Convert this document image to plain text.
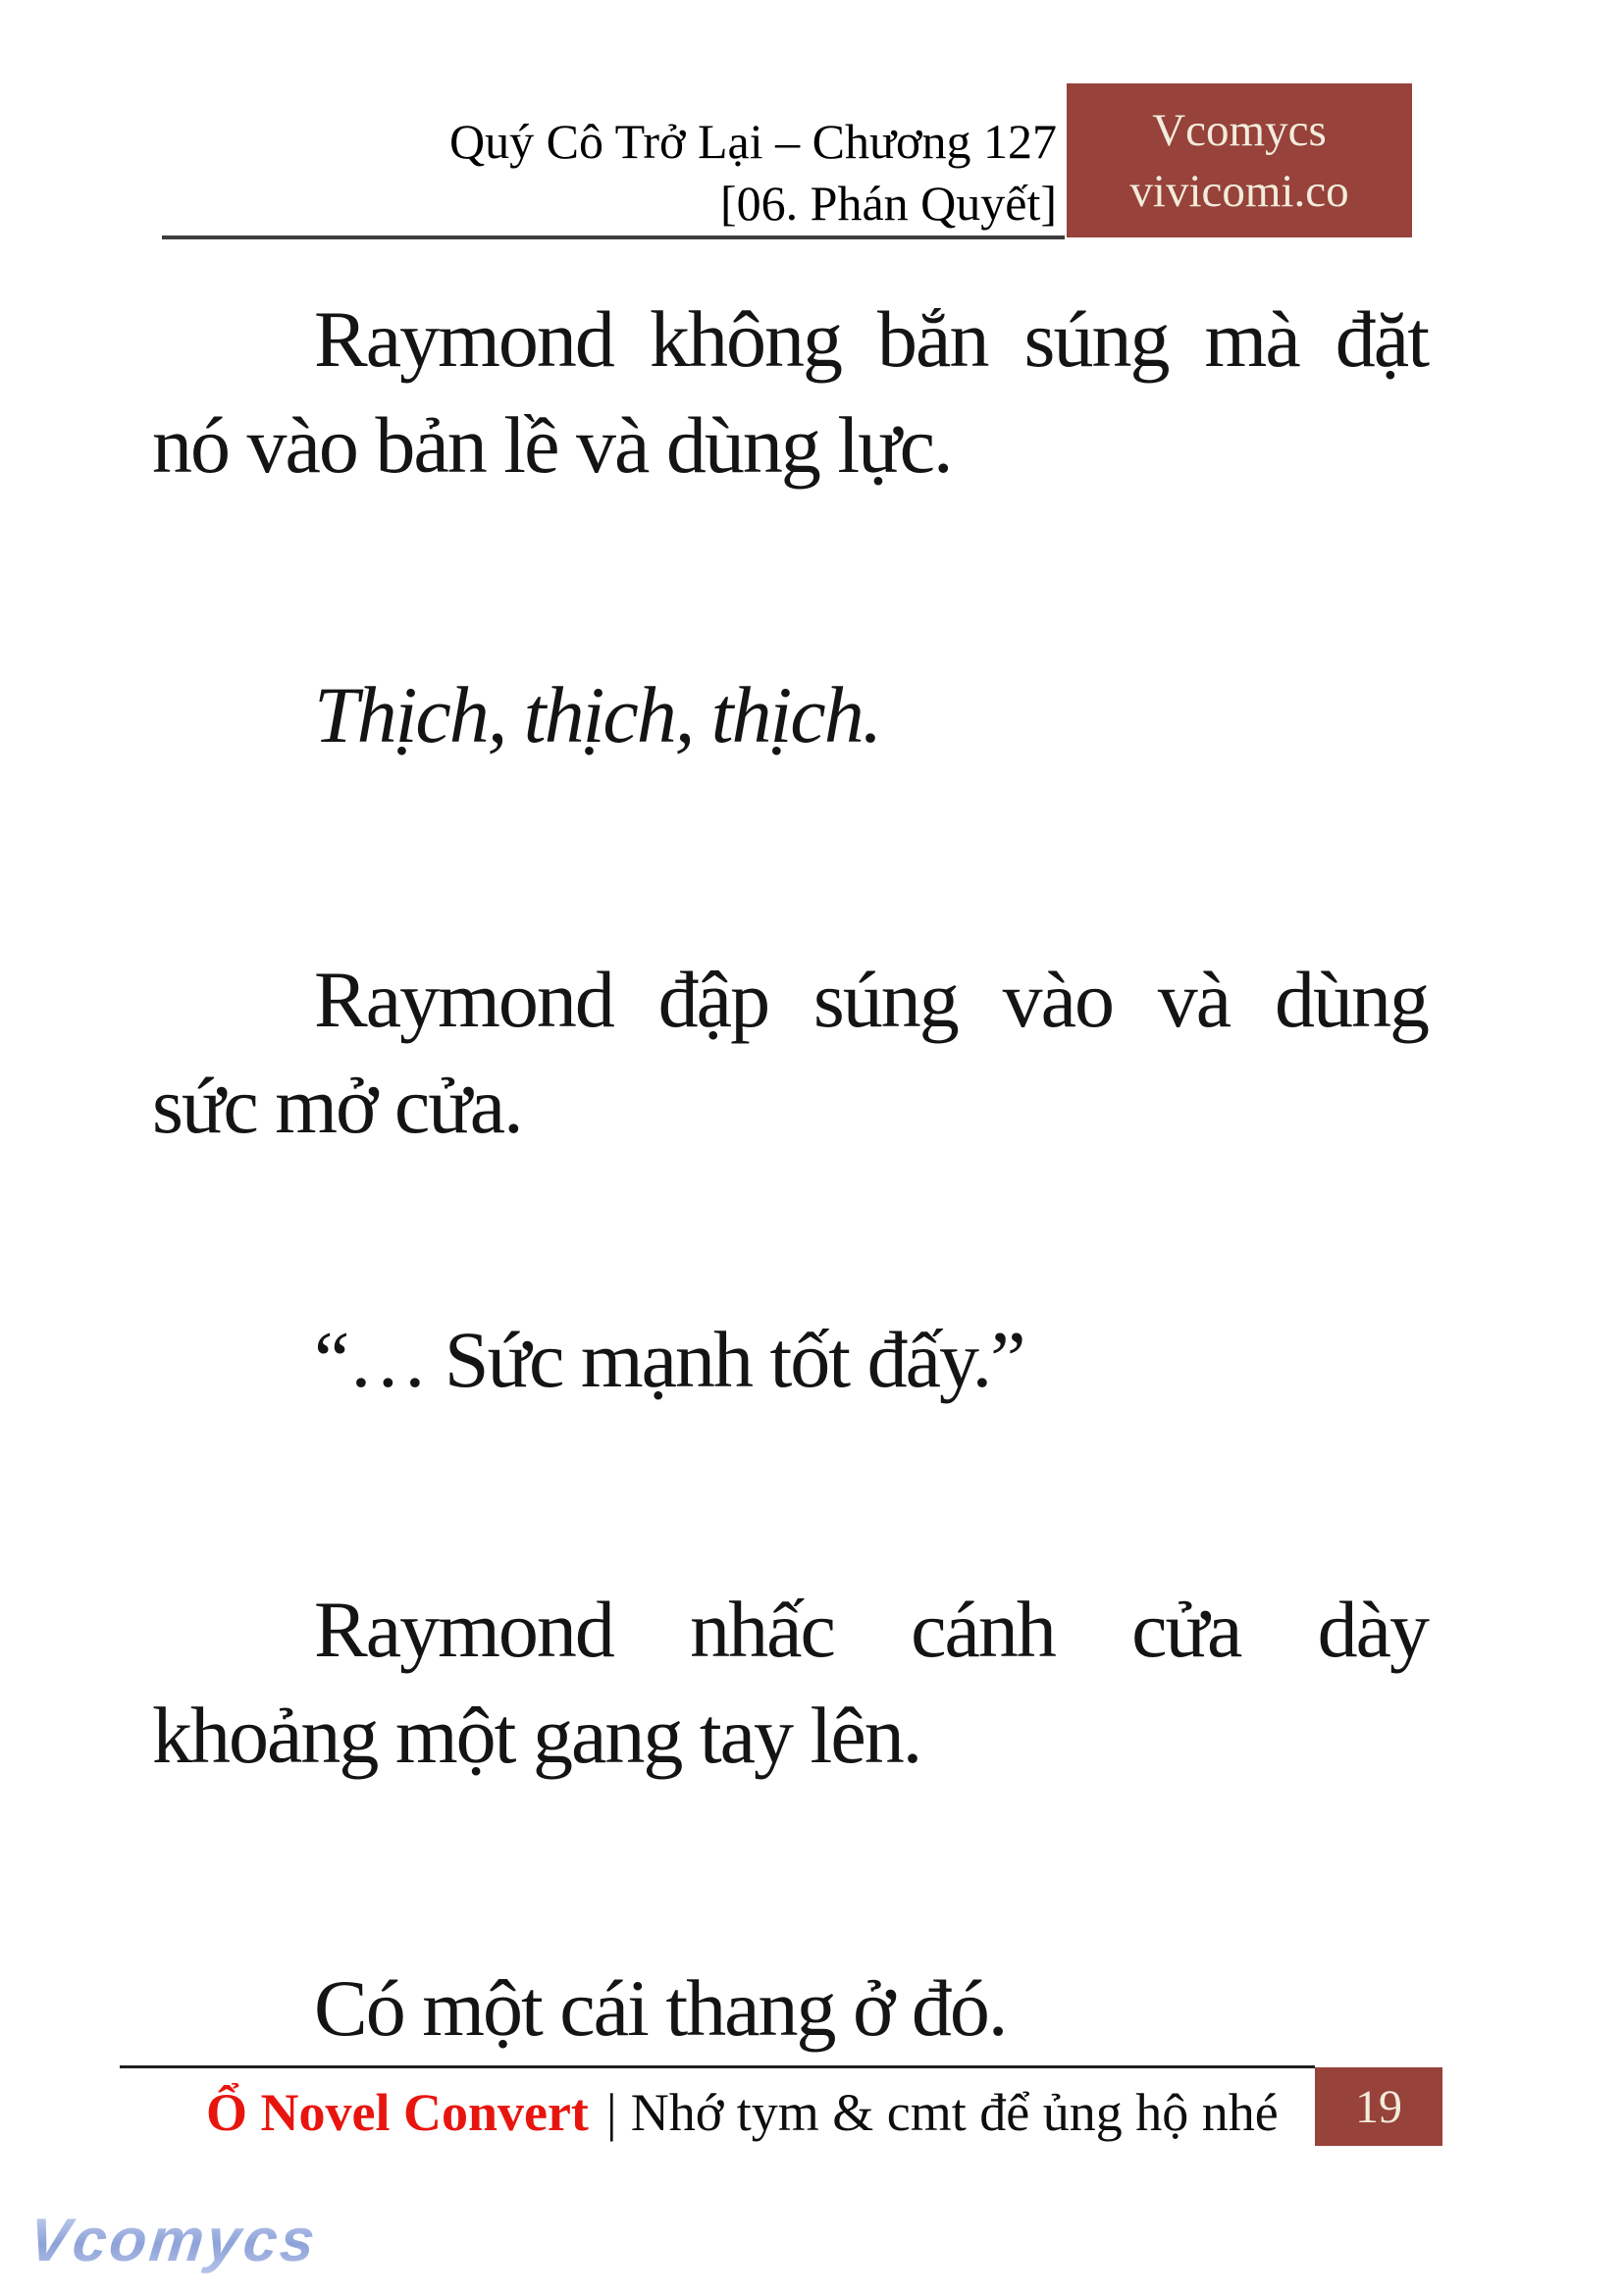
Quý Cô Trở Lại – Chương 127
[06. Phán Quyết]
Vcomycs
vivicomi.co
Raymond không bắn súng mà đặt
nó vào bản lề và dùng lực.
Thịch, thịch, thịch.
Raymond đập súng vào và dùng
sức mở cửa.
“… Sức mạnh tốt đấy.”
Raymond nhấc cánh cửa dày
khoảng một gang tay lên.
Có một cái thang ở đó.
Ổ Novel Convert | Nhớ tym & cmt để ủng hộ nhé 19
Vcomycs
